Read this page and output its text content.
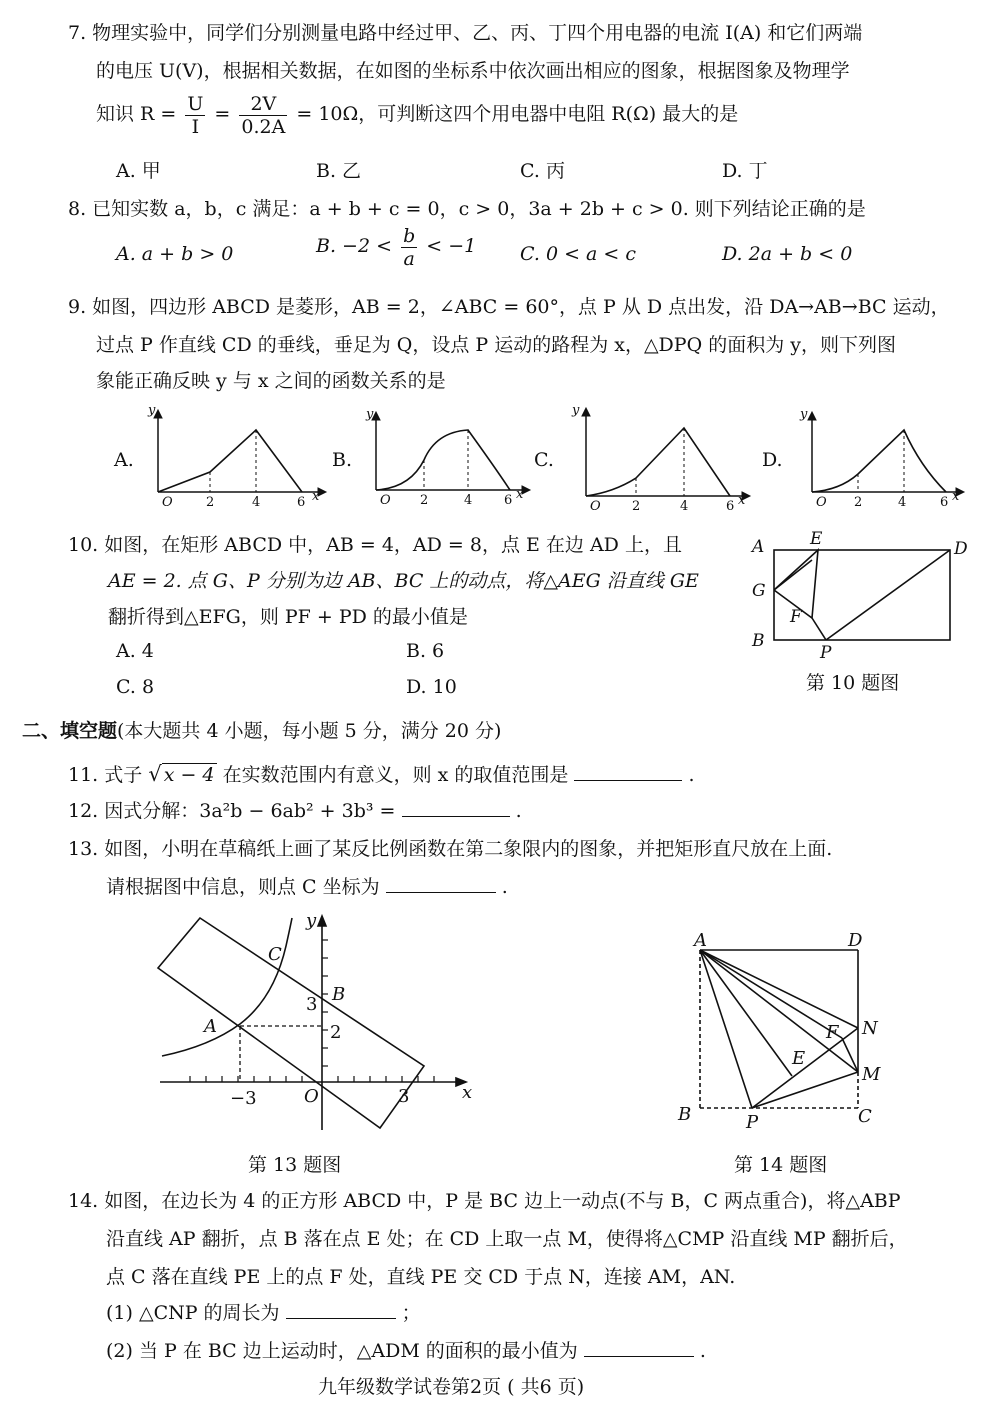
7. 物理实验中，同学们分别测量电路中经过甲、乙、丙、丁四个用电器的电流 I(A) 和它们两端
的电压 U(V)，根据相关数据，在如图的坐标系中依次画出相应的图象，根据图象及物理学
知识 $R = \frac{U}{I} = \frac{2V}{0.2A} = 10\Omega$，可判断这四个用电器中电阻 R(Ω) 最大的是
A. 甲	B. 乙	C. 丙	D. 丁
8. 已知实数 a，b，c 满足：a + b + c = 0，c > 0，3a + 2b + c > 0. 则下列结论正确的是
A. a + b > 0	B. $-2 < \frac{b}{a} < -1$ C. 0 < a < c	D. 2a + b < 0
9. 如图，四边形 ABCD 是菱形，AB = 2，∠ABC = 60°，点 P 从 D 点出发，沿 DA→AB→BC 运动，
过点 P 作直线 CD 的垂线，垂足为 Q，设点 P 运动的路程为 x，△DPQ 的面积为 y，则下列图
象能正确反映 y 与 x 之间的函数关系的是
A.
y
x
O	2	4	6
B.
y
x
O 2	4 6
C.
y
x
O 2	4	6
D.
y
x
O 2	4	6
10. 如图，在矩形 ABCD 中，AB = 4，AD = 8，点 E 在边 AD 上，且
AE = 2. 点 G、P 分别为边 AB、BC 上的动点，将△AEG 沿直线 GE
翻折得到△EFG，则 PF + PD 的最小值是
A. 4	B. 6
C. 8	D. 10
A	E	D
G
F
B
P
第 10 题图
二、填空题(本大题共 4 小题，每小题 5 分，满分 20 分)
11. 式子 √ x − 4 在实数范围内有意义，则 x 的取值范围是	.
12. 因式分解：3a²b − 6ab² + 3b³ =	.
13. 如图，小明在草稿纸上画了某反比例函数在第二象限内的图象，并把矩形直尺放在上面.
请根据图中信息，则点 C 坐标为	.
y
x
C
B
A
O
3
2
−3	3
第 13 题图
A	D
N
F
E
M
B	P	C
第 14 题图
14. 如图，在边长为 4 的正方形 ABCD 中，P 是 BC 边上一动点(不与 B，C 两点重合)，将△ABP
沿直线 AP 翻折，点 B 落在点 E 处；在 CD 上取一点 M，使得将△CMP 沿直线 MP 翻折后，
点 C 落在直线 PE 上的点 F 处，直线 PE 交 CD 于点 N，连接 AM，AN.
(1) △CNP 的周长为	；
(2) 当 P 在 BC 边上运动时，△ADM 的面积的最小值为	.
九年级数学试卷第2页 ( 共6 页)
